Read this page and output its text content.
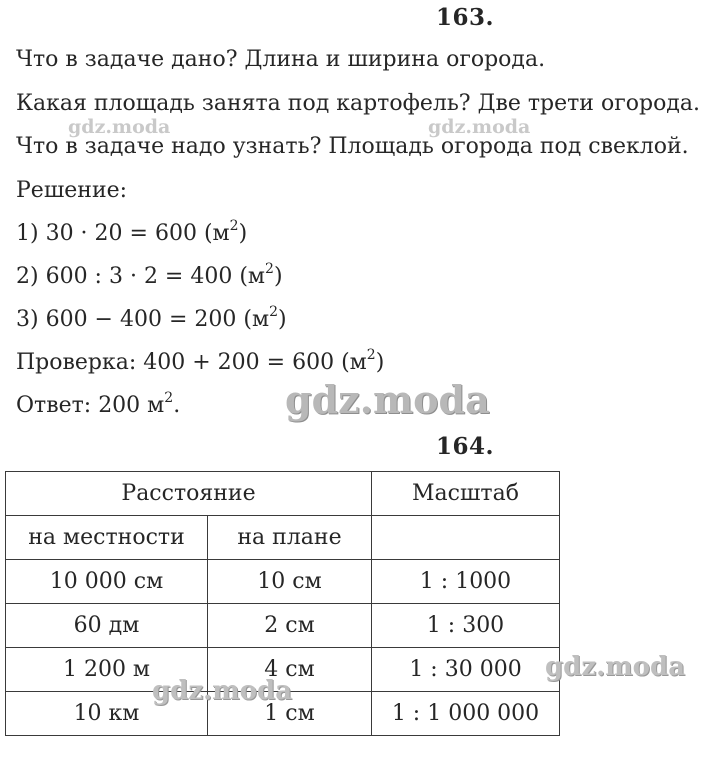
163.
Что в задаче дано? Длина и ширина огорода.
Какая площадь занята под картофель? Две трети огорода.
Что в задаче надо узнать? Площадь огорода под свеклой.
Решение:
1) 30 · 20 = 600 $(м^2)$
2) 600 : 3 · 2 = 400 $(м^2)$
3) 600 − 400 = 200 $(м^2)$
Проверка: 400 + 200 = 600 $(м^2)$
Ответ: 200 $м^2$.
164.
Расстояние		Масштаб
на местности	на плане	
10 000 см	10 см	1 : 1000
60 дм	2 см	1 : 300
1 200 м	4 см	1 : 30 000
10 км	1 см	1 : 1 000 000
gdz.moda	gdz.moda
gdz.moda
gdz.moda
gdz.moda
